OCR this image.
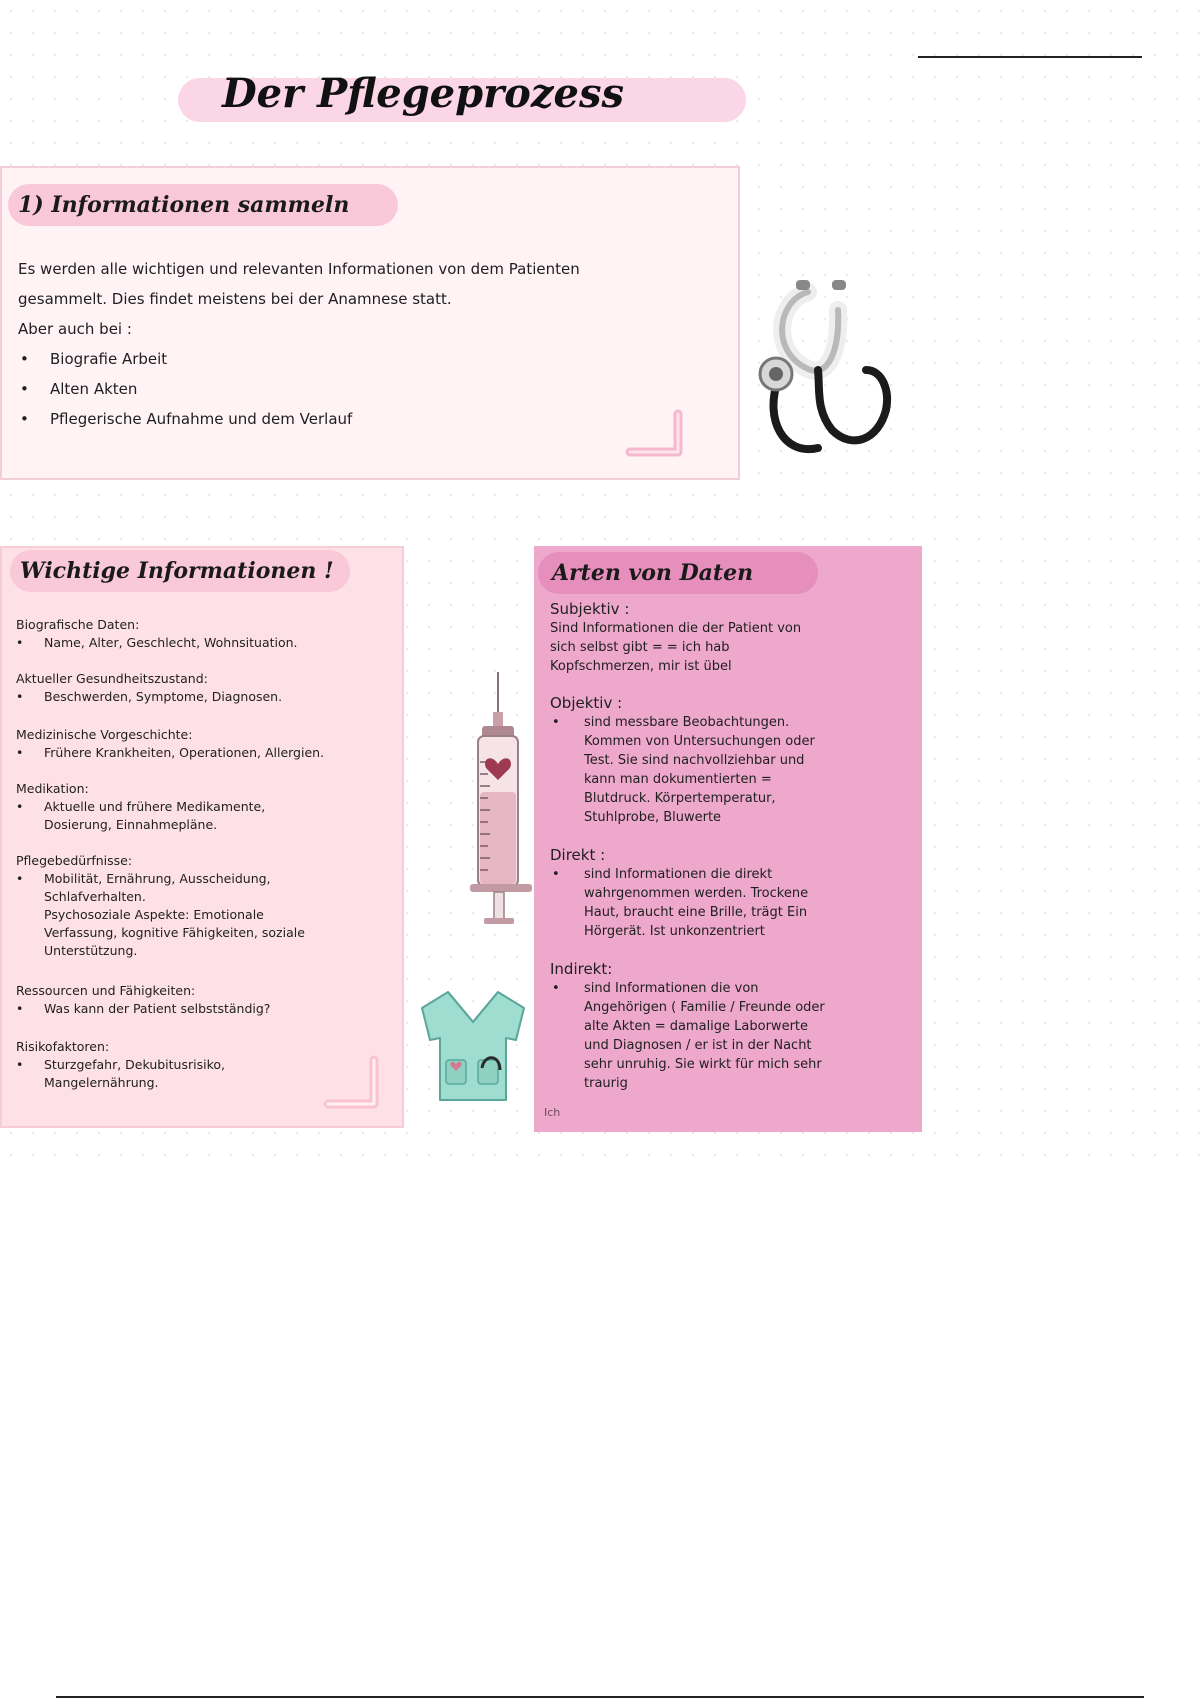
Der Pflegeprozess
1) Informationen sammeln

Es werden alle wichtigen und relevanten Informationen von dem Patienten

gesammelt. Dies findet meistens bei der Anamnese statt.

Aber auch bei :

• Biografie Arbeit
• Alten Akten
• Pflegerische Aufnahme und dem Verlauf
Wichtige Informationen !

Biografische Daten:

• Name, Alter, Geschlecht, Wohnsituation.

Aktueller Gesundheitszustand:

• Beschwerden, Symptome, Diagnosen.

Medizinische Vorgeschichte:

• Frühere Krankheiten, Operationen, Allergien.

Medikation:

• Aktuelle und frühere Medikamente,

Dosierung, Einnahmepläne.

Pflegebedürfnisse:

• Mobilität, Ernährung, Ausscheidung,

Schlafverhalten.

Psychosoziale Aspekte: Emotionale

Verfassung, kognitive Fähigkeiten, soziale

Unterstützung.

Ressourcen und Fähigkeiten:

• Was kann der Patient selbstständig?

Risikofaktoren:

• Sturzgefahr, Dekubitusrisiko,

Mangelernährung.

Arten von Daten

Subjektiv :

Sind Informationen die der Patient von

sich selbst gibt = = ich hab

Kopfschmerzen, mir ist übel

Objektiv :

• sind messbare Beobachtungen.

Kommen von Untersuchungen oder

Test. Sie sind nachvollziehbar und

kann man dokumentierten =

Blutdruck. Körpertemperatur,

Stuhlprobe, Bluwerte

Direkt :

• sind Informationen die direkt

wahrgenommen werden. Trockene

Haut, braucht eine Brille, trägt Ein

Hörgerät. Ist unkonzentriert

Indirekt:

• sind Informationen die von

Angehörigen ( Familie / Freunde oder

alte Akten = damalige Laborwerte

und Diagnosen / er ist in der Nacht

sehr unruhig. Sie wirkt für mich sehr

traurig

Ich
